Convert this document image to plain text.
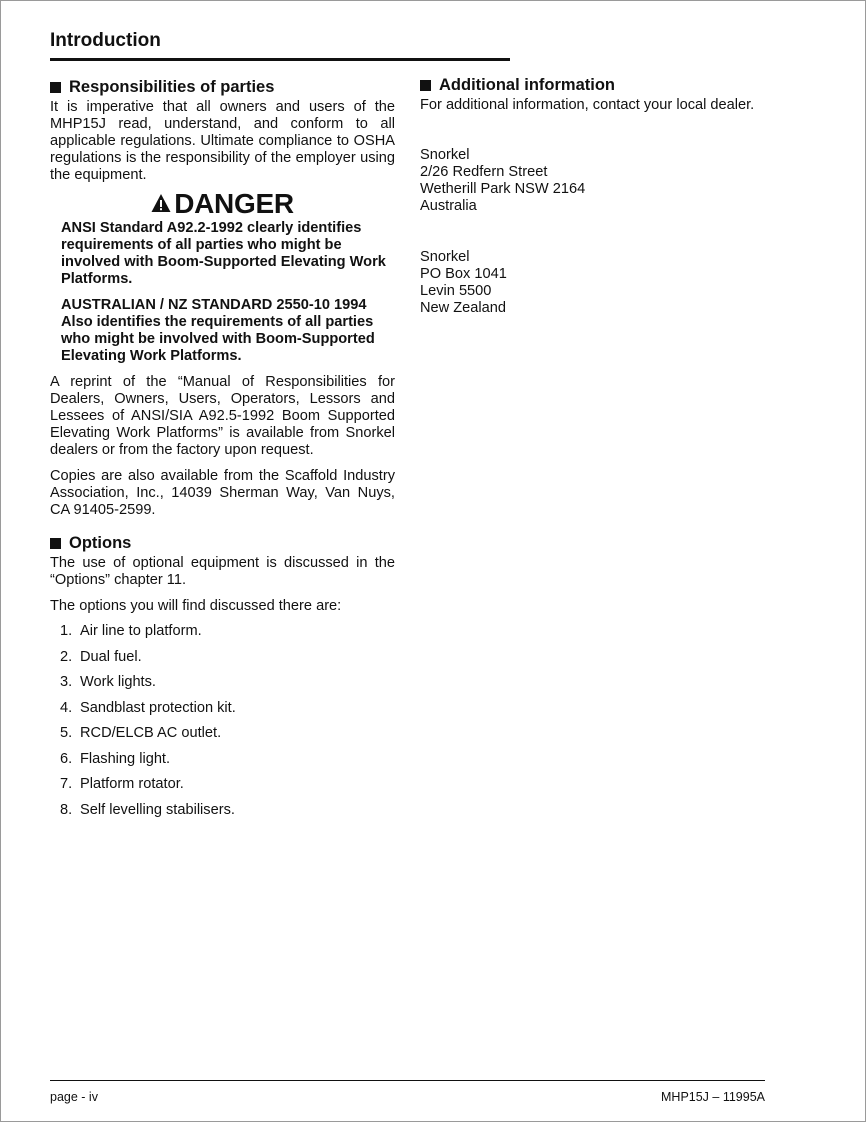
Introduction
Responsibilities of parties

It is imperative that all owners and users of the MHP15J read, understand, and conform to all applicable regulations. Ultimate compliance to OSHA regulations is the responsibility of the employer using the equipment.

DANGER

ANSI Standard A92.2-1992 clearly identifies requirements of all parties who might be involved with Boom-Supported Elevating Work Platforms.

AUSTRALIAN / NZ STANDARD 2550-10 1994 Also identifies the requirements of all parties who might be involved with Boom-Supported Elevating Work Platforms.

A reprint of the “Manual of Responsibilities for Dealers, Owners, Users, Operators, Lessors and Lessees of ANSI/SIA A92.5-1992 Boom Supported Elevating Work Platforms” is available from Snorkel dealers or from the factory upon request.

Copies are also available from the Scaffold Industry Association, Inc., 14039 Sherman Way, Van Nuys, CA 91405-2599.

Options

The use of optional equipment is discussed in the “Options” chapter 11.

The options you will find discussed there are:

1. Air line to platform.
2. Dual fuel.
3. Work lights.
4. Sandblast protection kit.
5. RCD/ELCB AC outlet.
6. Flashing light.
7. Platform rotator.
8. Self levelling stabilisers.
Additional information

For additional information, contact your local dealer.

Snorkel
2/26 Redfern Street
Wetherill Park NSW 2164
Australia
Snorkel
PO Box 1041
Levin 5500
New Zealand
page - iv	MHP15J – 11995A
